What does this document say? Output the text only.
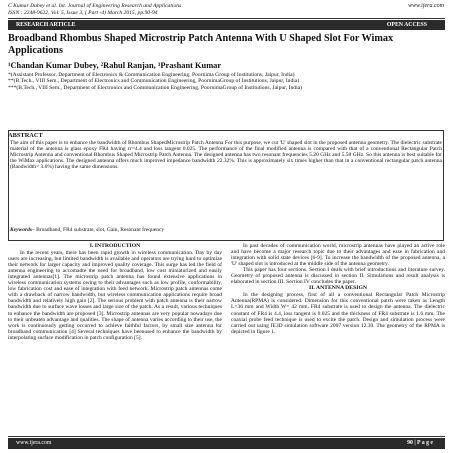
C Kumar Dubey et al. Int. Journal of Engineering Research and Applications
ISSN : 2248-9622, Vol. 5, Issue 3, ( Part -4) March 2015, pp.90-94
www.ijera.com
RESEARCH ARTICLE	OPEN ACCESS
Broadband Rhombus Shaped Microstrip Patch Antenna With U Shaped Slot For Wimax Applications
¹Chandan Kumar Dubey, ²Rahul Ranjan, ³Prashant Kumar
*(Assistant Professor, Department of Electronics & Communication Engineering, Poornima Group of Institutions, Jaipur, India)
**(B.Tech., VIII Sem., Department of Electronics and Communication Engineering, PoornimaGroup of Institutions, Jaipur, India)
***(B.Tech., VIII Sem., Department of Electronics and Communication Engineering, PoornimaGroup of Institutions, Jaipur, India)
ABSTRACT
The aim of this paper is to enhance the bandwidth of Rhombus ShapedMicrostrip Patch Antenna For this purpose, we cut 'U' shaped slot in the proposed antenna geometry. The dielectric substrate material of the antenna is glass epoxy FR4 having εr=4.4 and loss tangent 0.025. The performance of the final modified antenna is compared with that of a conventional Rectangular Patch Microstrip Antenna and conventional Rhombus Shaped Microstrip Patch Antenna. The designed antenna has two resonant frequencies 5.20 GHz and 5.58 GHz. So this antenna is best suitable for the WiMax applications. The designed antenna offers much improved impedance bandwidth 22.32%. This is approximately six times higher than that in a conventional rectangular patch antenna (Bandwidth= 3.6%) having the same dimensions.
Keywords– Broadband, FR4 substrate, slot, Gain, Resonant frequency
I. INTRODUCTION

In the recent years, there has been rapid growth in wireless communication. Day by day users are increasing, but limited bandwidth is available and operators are trying hard to optimize their network for larger capacity and improved quality coverage. This surge has led the field of antenna engineering to accomadte the need for broadband, low cost miniaturized and easily integrated antennas[1]. The microstrip patch antenna has found extensive applications in wireless communication systems owing to their advantages such as low profile, conformability, low fabrication cost and ease of integration with feed network. Microstrip patch antennas come with a drawback of narrow bandwidth, but wireless communication applications require broad bandwidth and relatively high gain [2]. The serious problem with patch antenna is their narrow bandwidth due to surface wave losses and large size of the patch. As a result, various techniques to enhance the bandwidth are proposed [3]. Microstrip antennas are very popular nowadays due to their unbeaten advantage and qualities. The shape of antenna varies according to their use, the work is continuously getting occurred to achieve faithful factors, by small size antenna for broadband communication [4] Several techniques have beenused to enhance the bandwidth by interpolating surface modification in patch configuration [5].

In past decades of communication world, microstrip antennas have played an active role and have become a major research topic due to their advantages and ease in fabrication and integration with solid state devices [6-9]. To increase the bandwidth of the proposed antenna, a 'U' shaped slot is introduced at the middle side of the antenna geometry.

This paper has four sections. Section I deals with brief introductions and literature survey. Geometry of proposed antenna is discussed in section II. Simulations and result analysis is elaborated in section III. Section IV concludes the paper.

II. ANTENNA DESIGN

In the designing process, first of all a conventional Rectangular Patch Microstrip Antenna(RPMA) is considered. Dimension for this conventional patch were taken as Length L=36 mm and Width W= 42 mm. FR4 substrate is used to design the antenna. The dielectric constant of FR4 is 4.4, loss tangent is 0.025 and the thickness of FR4 substrate is 1.6 mm. The coaxial probe feed technique is used to excite the patch. Design and simulation process were carried out using IE3D simulation software 2007 version 12.30. The geometry of the RPMA is depicted in figure 1.

www.ijera.com	90 | P a g e
